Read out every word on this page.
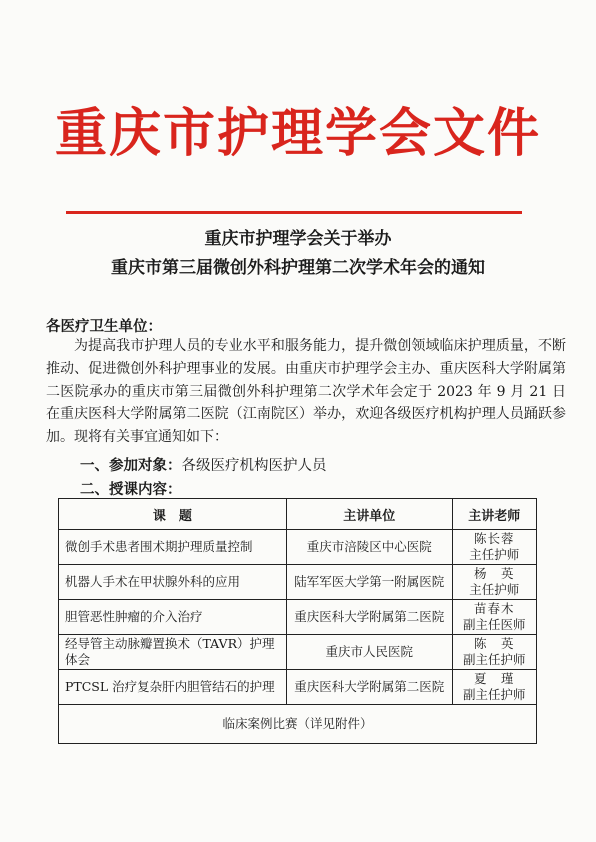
重庆市护理学会文件
重庆市护理学会关于举办
重庆市第三届微创外科护理第二次学术年会的通知
各医疗卫生单位：
为提高我市护理人员的专业水平和服务能力，提升微创领域临床护理质量，不断推动、促进微创外科护理事业的发展。由重庆市护理学会主办、重庆医科大学附属第二医院承办的重庆市第三届微创外科护理第二次学术年会定于 2023 年 9 月 21 日在重庆医科大学附属第二医院（江南院区）举办，欢迎各级医疗机构护理人员踊跃参加。现将有关事宜通知如下：
一、参加对象：各级医疗机构医护人员
二、授课内容：
课　题	主讲单位	主讲老师
微创手术患者围术期护理质量控制	重庆市涪陵区中心医院	陈长蓉
主任护师

机器人手术在甲状腺外科的应用	陆军军医大学第一附属医院	杨　英
主任护师

胆管恶性肿瘤的介入治疗	重庆医科大学附属第二医院	苗春木
副主任医师

经导管主动脉瓣置换术（TAVR）护理体会	重庆市人民医院	陈　英
副主任护师

PTCSL 治疗复杂肝内胆管结石的护理	重庆医科大学附属第二医院	夏　瑾
副主任护师

临床案例比赛（详见附件）		
